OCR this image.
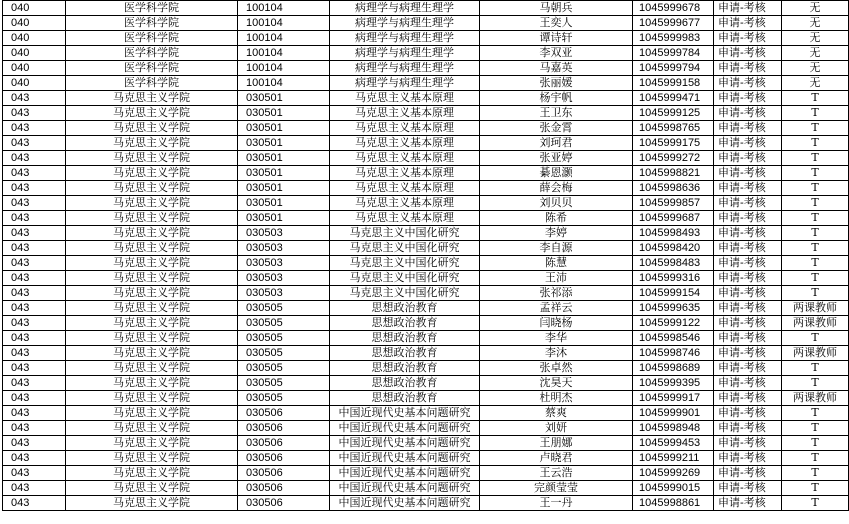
040	医学科学院	100104	病理学与病理生理学	马朝兵	1045999678	申请-考核	无
040	医学科学院	100104	病理学与病理生理学	王奕人	1045999677	申请-考核	无
040	医学科学院	100104	病理学与病理生理学	谭诗轩	1045999983	申请-考核	无
040	医学科学院	100104	病理学与病理生理学	李双亚	1045999784	申请-考核	无
040	医学科学院	100104	病理学与病理生理学	马嘉英	1045999794	申请-考核	无
040	医学科学院	100104	病理学与病理生理学	张丽媛	1045999158	申请-考核	无
043	马克思主义学院	030501	马克思主义基本原理	杨宇帆	1045999471	申请-考核	T
043	马克思主义学院	030501	马克思主义基本原理	王卫东	1045999125	申请-考核	T
043	马克思主义学院	030501	马克思主义基本原理	张金霄	1045998765	申请-考核	T
043	马克思主义学院	030501	马克思主义基本原理	刘珂君	1045999175	申请-考核	T
043	马克思主义学院	030501	马克思主义基本原理	张亚婷	1045999272	申请-考核	T
043	马克思主义学院	030501	马克思主义基本原理	綦恩灏	1045998821	申请-考核	T
043	马克思主义学院	030501	马克思主义基本原理	薛会梅	1045998636	申请-考核	T
043	马克思主义学院	030501	马克思主义基本原理	刘贝贝	1045999857	申请-考核	T
043	马克思主义学院	030501	马克思主义基本原理	陈希	1045999687	申请-考核	T
043	马克思主义学院	030503	马克思主义中国化研究	李婷	1045998493	申请-考核	T
043	马克思主义学院	030503	马克思主义中国化研究	李自源	1045998420	申请-考核	T
043	马克思主义学院	030503	马克思主义中国化研究	陈慧	1045998483	申请-考核	T
043	马克思主义学院	030503	马克思主义中国化研究	王沛	1045999316	申请-考核	T
043	马克思主义学院	030503	马克思主义中国化研究	张祁添	1045999154	申请-考核	T
043	马克思主义学院	030505	思想政治教育	孟祥云	1045999635	申请-考核	两课教师
043	马克思主义学院	030505	思想政治教育	闫晓杨	1045999122	申请-考核	两课教师
043	马克思主义学院	030505	思想政治教育	李华	1045998546	申请-考核	T
043	马克思主义学院	030505	思想政治教育	李沐	1045998746	申请-考核	两课教师
043	马克思主义学院	030505	思想政治教育	张卓然	1045998689	申请-考核	T
043	马克思主义学院	030505	思想政治教育	沈昊天	1045999395	申请-考核	T
043	马克思主义学院	030505	思想政治教育	杜明杰	1045999917	申请-考核	两课教师
043	马克思主义学院	030506	中国近现代史基本问题研究	蔡爽	1045999901	申请-考核	T
043	马克思主义学院	030506	中国近现代史基本问题研究	刘妍	1045998948	申请-考核	T
043	马克思主义学院	030506	中国近现代史基本问题研究	王朋娜	1045999453	申请-考核	T
043	马克思主义学院	030506	中国近现代史基本问题研究	卢晓君	1045999211	申请-考核	T
043	马克思主义学院	030506	中国近现代史基本问题研究	王云浩	1045999269	申请-考核	T
043	马克思主义学院	030506	中国近现代史基本问题研究	完颜莹莹	1045999015	申请-考核	T
043	马克思主义学院	030506	中国近现代史基本问题研究	王一丹	1045998861	申请-考核	T
